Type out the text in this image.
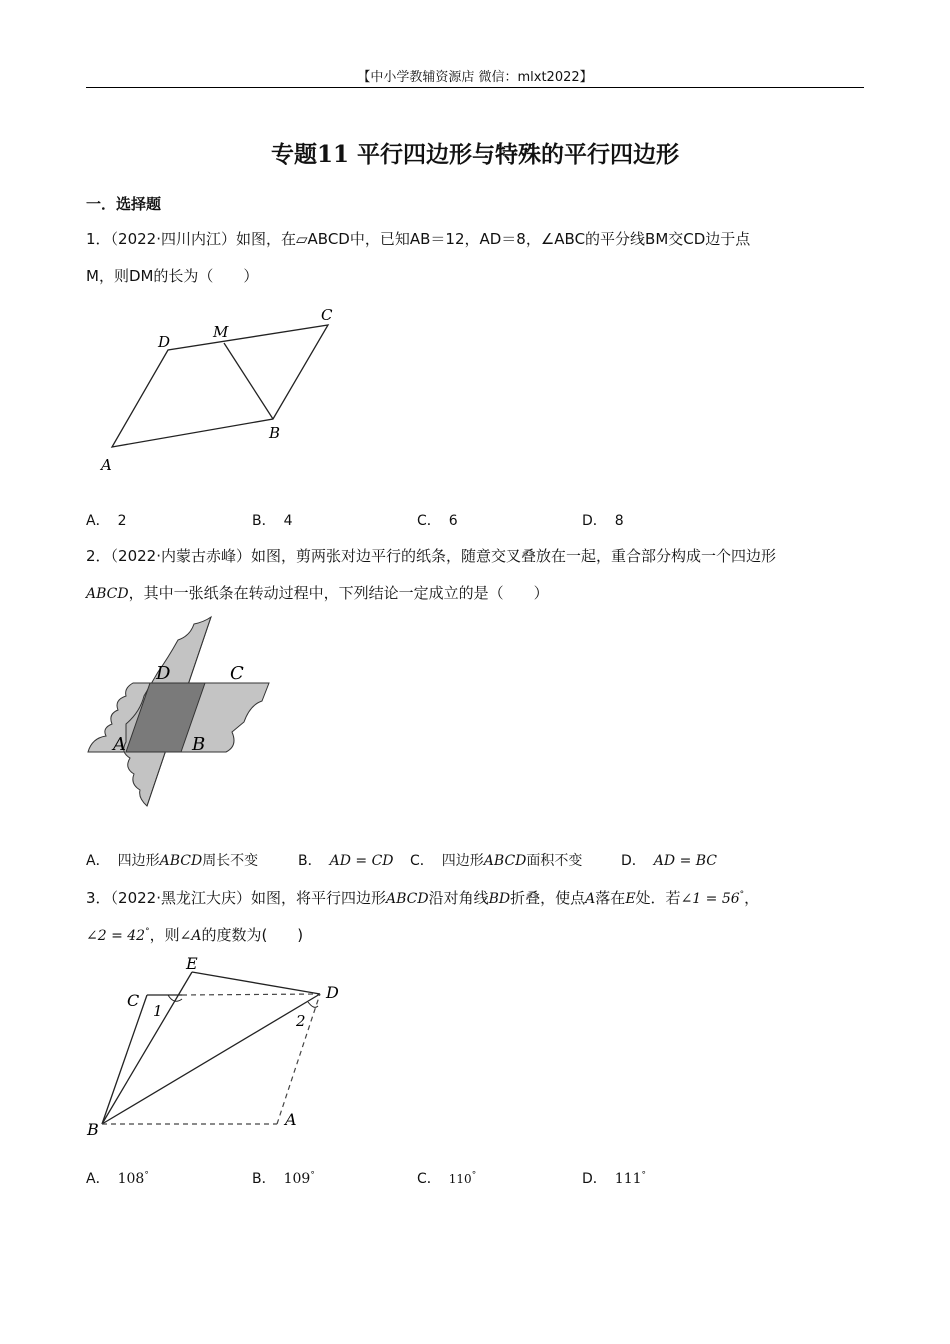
【中小学教辅资源店 微信：mlxt2022】
专题11 平行四边形与特殊的平行四边形
一．选择题
1．（2022·四川内江）如图，在▱ABCD中，已知AB＝12，AD＝8，∠ABC的平分线BM交CD边于点
M，则DM的长为（　　）
A
B
C
D
M
A． 2	B． 4	C． 6	D． 8
2．（2022·内蒙古赤峰）如图，剪两张对边平行的纸条，随意交叉叠放在一起，重合部分构成一个四边形
ABCD，其中一张纸条在转动过程中，下列结论一定成立的是（　　）
A	B
C
D
A． 四边形ABCD周长不变	B． AD = CD C． 四边形ABCD面积不变	D． AD = BC
3．（2022·黑龙江大庆）如图，将平行四边形ABCD沿对角线BD折叠，使点A落在E处．若∠1 = 56°，
∠2 = 42°，则∠A的度数为(　　)
B
C
E
D
A
1
2
A． 108°	B． 109°	C． 110°	D． 111°
